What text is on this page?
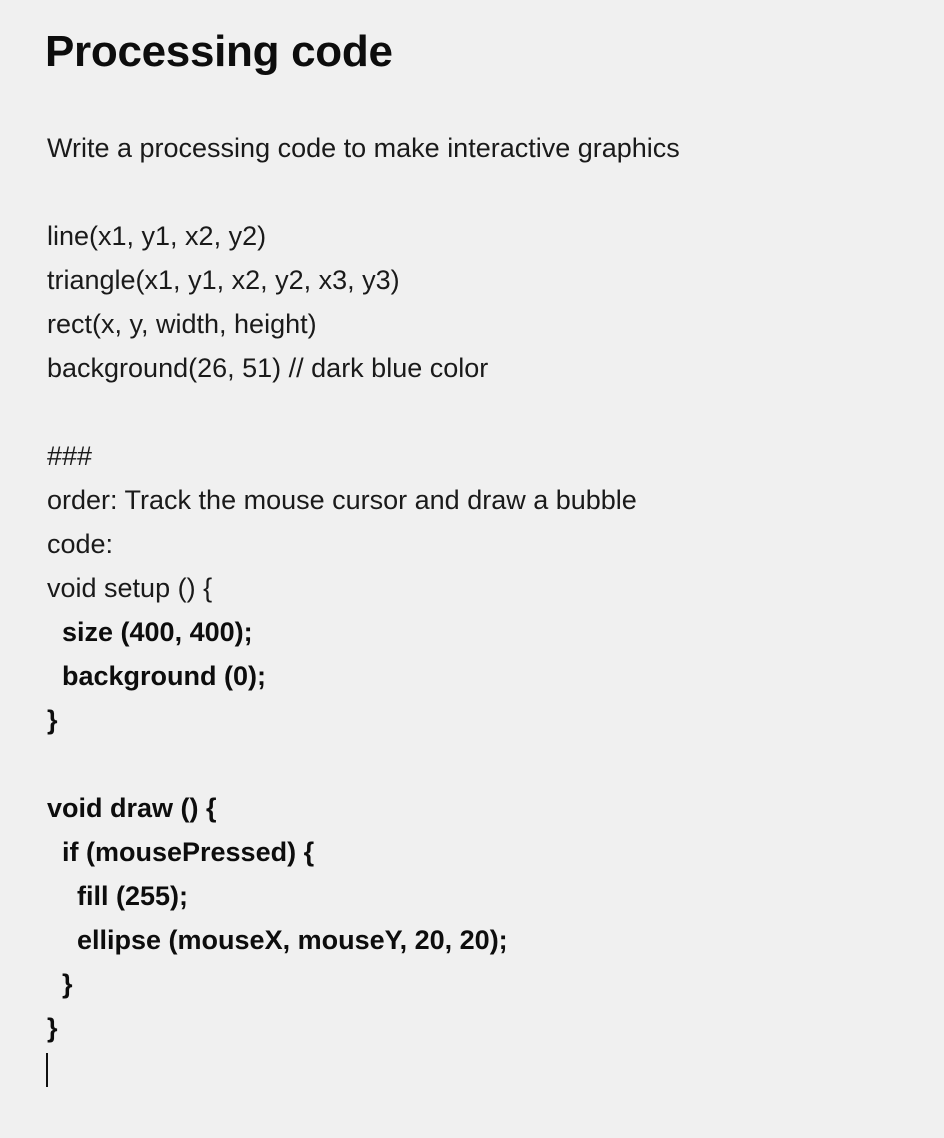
Processing code
Write a processing code to make interactive graphics
line(x1, y1, x2, y2)
triangle(x1, y1, x2, y2, x3, y3)
rect(x, y, width, height)
background(26, 51) // dark blue color
###
order: Track the mouse cursor and draw a bubble
code:
void setup () {
size (400, 400);
background (0);
}
void draw () {
if (mousePressed) {
fill (255);
ellipse (mouseX, mouseY, 20, 20);
}
}
